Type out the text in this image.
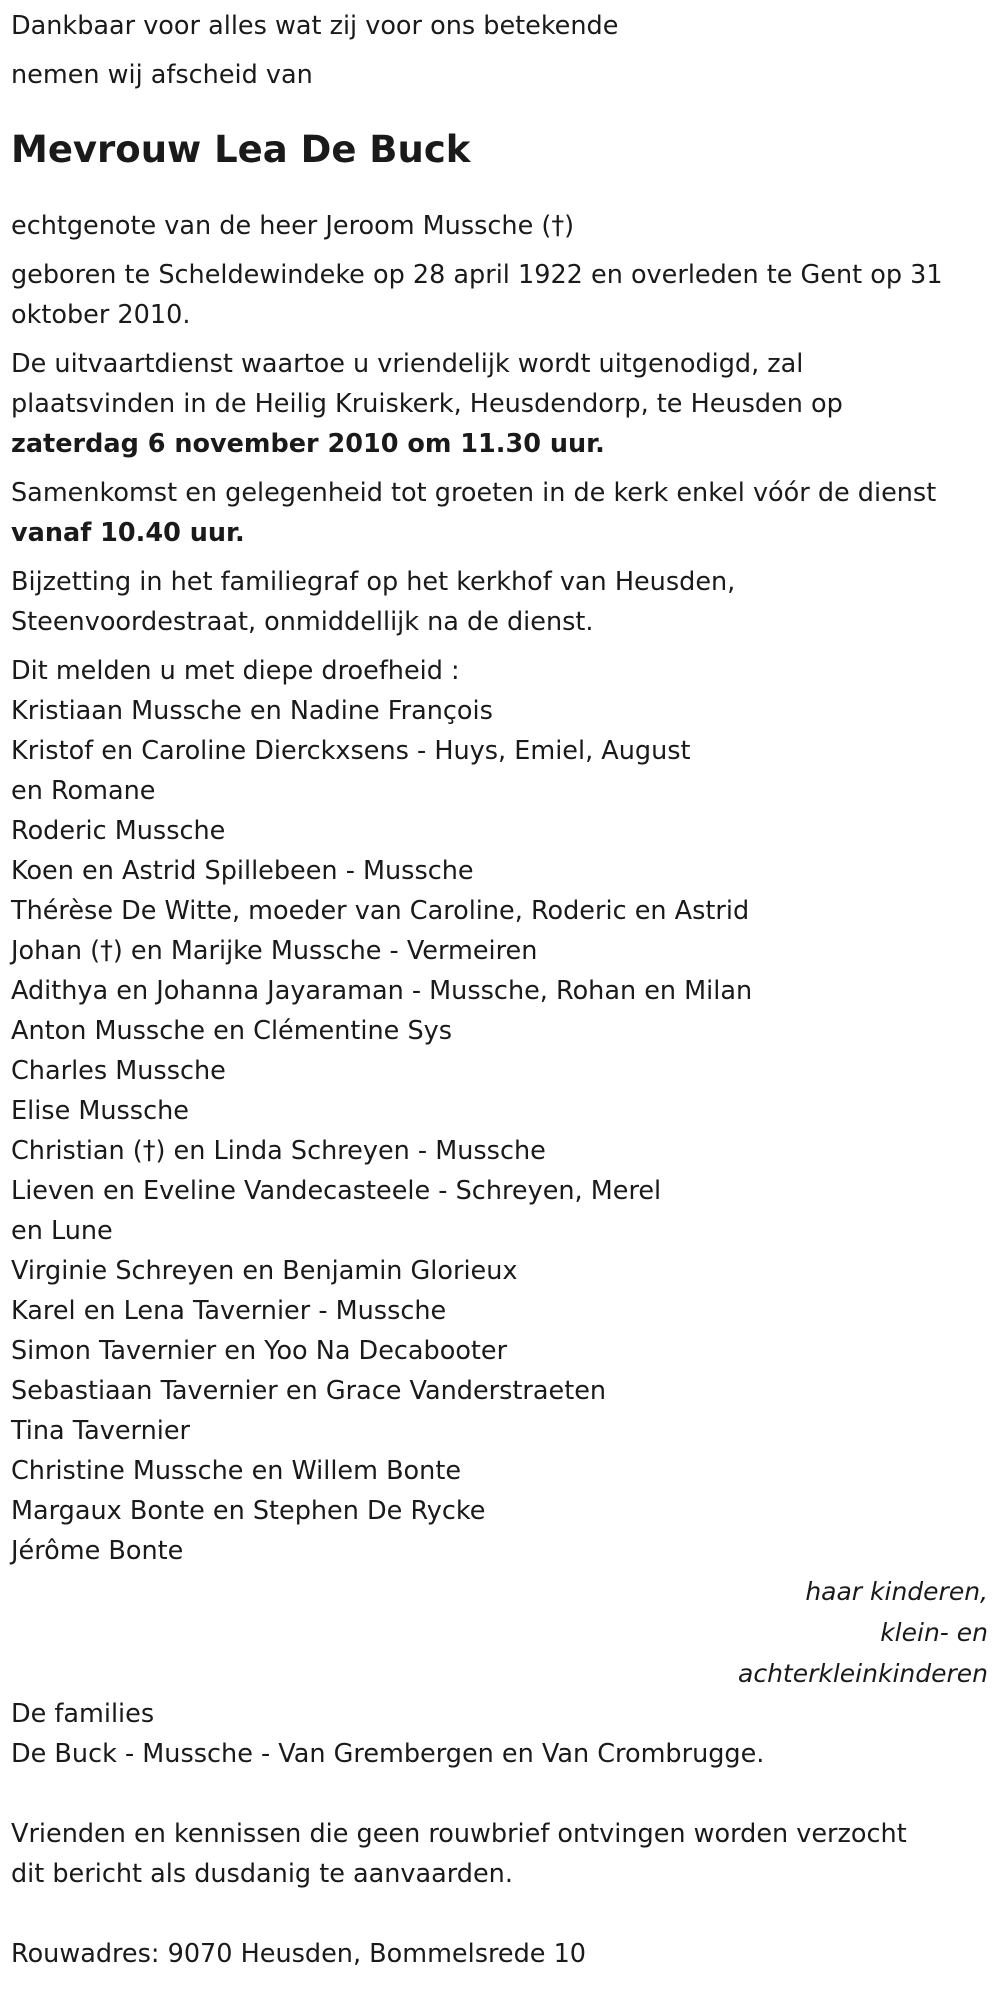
Dankbaar voor alles wat zij voor ons betekende
nemen wij afscheid van
Mevrouw Lea De Buck
echtgenote van de heer Jeroom Mussche (†)
geboren te Scheldewindeke op 28 april 1922 en overleden te Gent op 31
oktober 2010.
De uitvaartdienst waartoe u vriendelijk wordt uitgenodigd, zal
plaatsvinden in de Heilig Kruiskerk, Heusdendorp, te Heusden op
zaterdag 6 november 2010 om 11.30 uur.
Samenkomst en gelegenheid tot groeten in de kerk enkel vóór de dienst
vanaf 10.40 uur.
Bijzetting in het familiegraf op het kerkhof van Heusden,
Steenvoordestraat, onmiddellijk na de dienst.
Dit melden u met diepe droefheid :
Kristiaan Mussche en Nadine François
Kristof en Caroline Dierckxsens - Huys, Emiel, August
en Romane
Roderic Mussche
Koen en Astrid Spillebeen - Mussche
Thérèse De Witte, moeder van Caroline, Roderic en Astrid
Johan (†) en Marijke Mussche - Vermeiren
Adithya en Johanna Jayaraman - Mussche, Rohan en Milan
Anton Mussche en Clémentine Sys
Charles Mussche
Elise Mussche
Christian (†) en Linda Schreyen - Mussche
Lieven en Eveline Vandecasteele - Schreyen, Merel
en Lune
Virginie Schreyen en Benjamin Glorieux
Karel en Lena Tavernier - Mussche
Simon Tavernier en Yoo Na Decabooter
Sebastiaan Tavernier en Grace Vanderstraeten
Tina Tavernier
Christine Mussche en Willem Bonte
Margaux Bonte en Stephen De Rycke
Jérôme Bonte
haar kinderen,
klein- en
achterkleinkinderen
De families
De Buck - Mussche - Van Grembergen en Van Crombrugge.
Vrienden en kennissen die geen rouwbrief ontvingen worden verzocht
dit bericht als dusdanig te aanvaarden.
Rouwadres: 9070 Heusden, Bommelsrede 10
